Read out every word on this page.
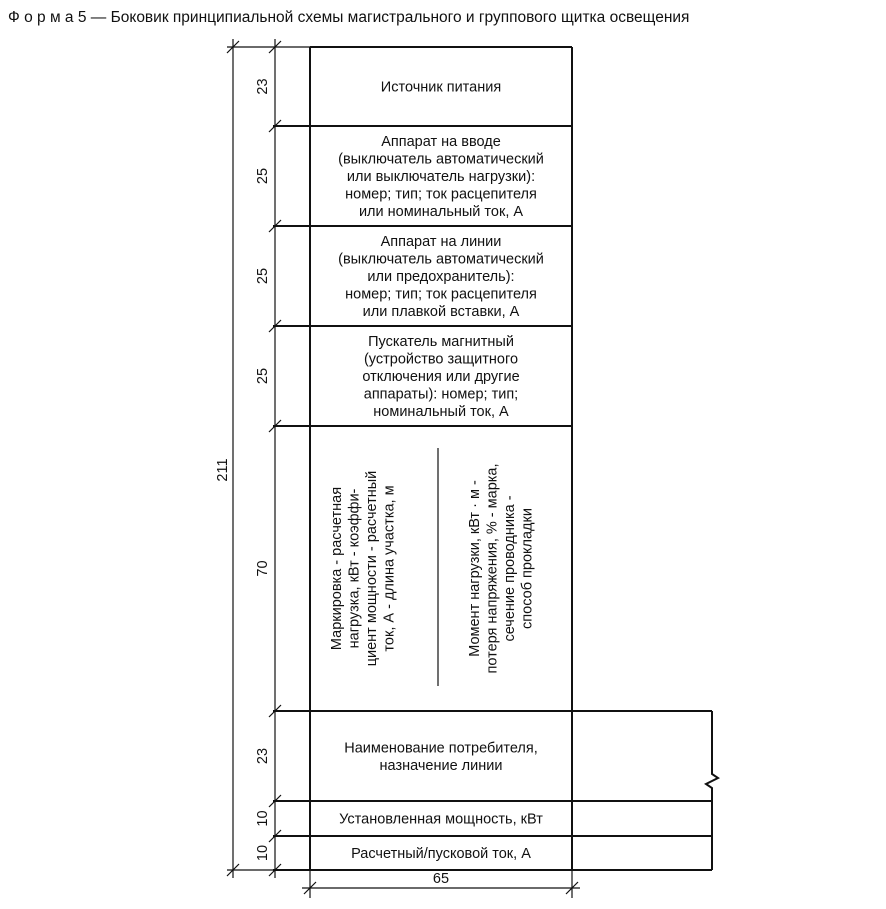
Ф о р м а 5 — Боковик принципиальной схемы магистрального и группового щитка освещения
Источник питания
Аппарат на вводе
(выключатель автоматический
или выключатель нагрузки):
номер; тип; ток расцепителя
или номинальный ток, А
Аппарат на линии
(выключатель автоматический
или предохранитель):
номер; тип; ток расцепителя
или плавкой вставки, А
Пускатель магнитный
(устройство защитного
отключения или другие
аппараты): номер; тип;
номинальный ток, А
Маркировка - расчетная нагрузка, кВт - коэффи- циент мощности - расчетный ток, А - длина участка, м	Момент нагрузки, кВт · м - потеря напряжения, % - марка, сечение проводника - способ прокладки
Наименование потребителя,
назначение линии
Установленная мощность, кВт
Расчетный/пусковой ток, А
23
25
25
25
70
23
10
10
211
65
